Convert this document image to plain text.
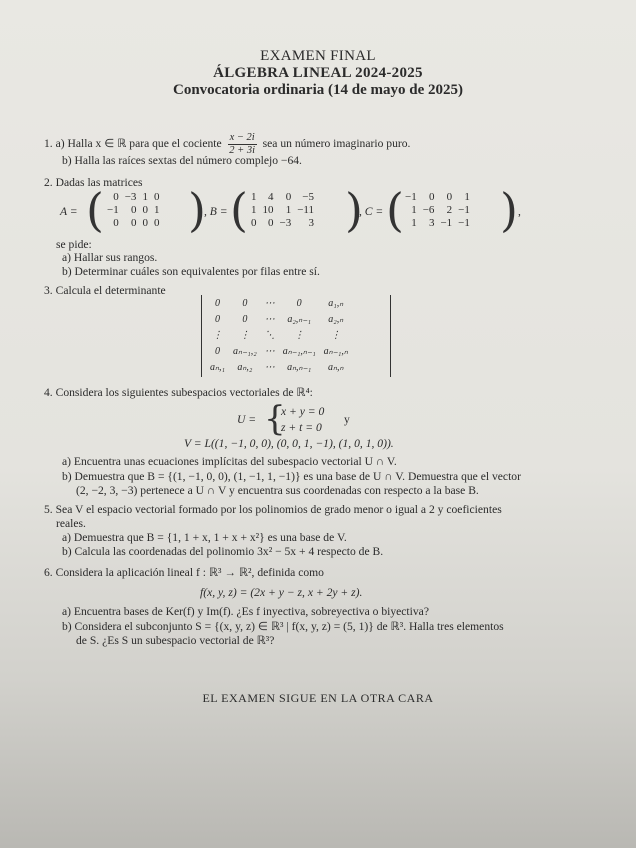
EXAMEN FINAL
ÁLGEBRA LINEAL 2024-2025
Convocatoria ordinaria (14 de mayo de 2025)
1. a) Halla x ∈ ℝ para que el cociente $\frac{x - 2i}{2 + 3i}$ sea un número imaginario puro.
b) Halla las raíces sextas del número complejo −64.
2. Dadas las matrices
A = ( 0	−3	1	0
−1	0	0	1
0	0	0	0 )
, B = ( 1	4	0	−5
1	10	1	−11
0	0	−3	3 )
, C = ( −1	0	0	1
1	−6	2	−1
1	3	−1	−1 ) ,
se pide:
a) Hallar sus rangos.
b) Determinar cuáles son equivalentes por filas entre sí.
3. Calcula el determinante
0	0	⋯	0	a₁,ₙ
0	0	⋯	a₂,ₙ₋₁	a₂,ₙ
⋮	⋮	⋱	⋮	⋮
0	aₙ₋₁,₂	⋯	aₙ₋₁,ₙ₋₁	aₙ₋₁,ₙ
aₙ,₁	aₙ,₂	⋯	aₙ,ₙ₋₁	aₙ,ₙ
4. Considera los siguientes subespacios vectoriales de ℝ⁴:
U = {
x + y = 0
z + t = 0
y
V = L((1, −1, 0, 0), (0, 0, 1, −1), (1, 0, 1, 0)).
a) Encuentra unas ecuaciones implícitas del subespacio vectorial U ∩ V.
b) Demuestra que B = {(1, −1, 0, 0), (1, −1, 1, −1)} es una base de U ∩ V. Demuestra que el vector
(2, −2, 3, −3) pertenece a U ∩ V y encuentra sus coordenadas con respecto a la base B.
5. Sea V el espacio vectorial formado por los polinomios de grado menor o igual a 2 y coeficientes
reales.
a) Demuestra que B = {1, 1 + x, 1 + x + x²} es una base de V.
b) Calcula las coordenadas del polinomio 3x² − 5x + 4 respecto de B.
6. Considera la aplicación lineal f : ℝ³ → ℝ², definida como
f(x, y, z) = (2x + y − z, x + 2y + z).
a) Encuentra bases de Ker(f) y Im(f). ¿Es f inyectiva, sobreyectiva o biyectiva?
b) Considera el subconjunto S = {(x, y, z) ∈ ℝ³ | f(x, y, z) = (5, 1)} de ℝ³. Halla tres elementos
de S. ¿Es S un subespacio vectorial de ℝ³?
EL EXAMEN SIGUE EN LA OTRA CARA
